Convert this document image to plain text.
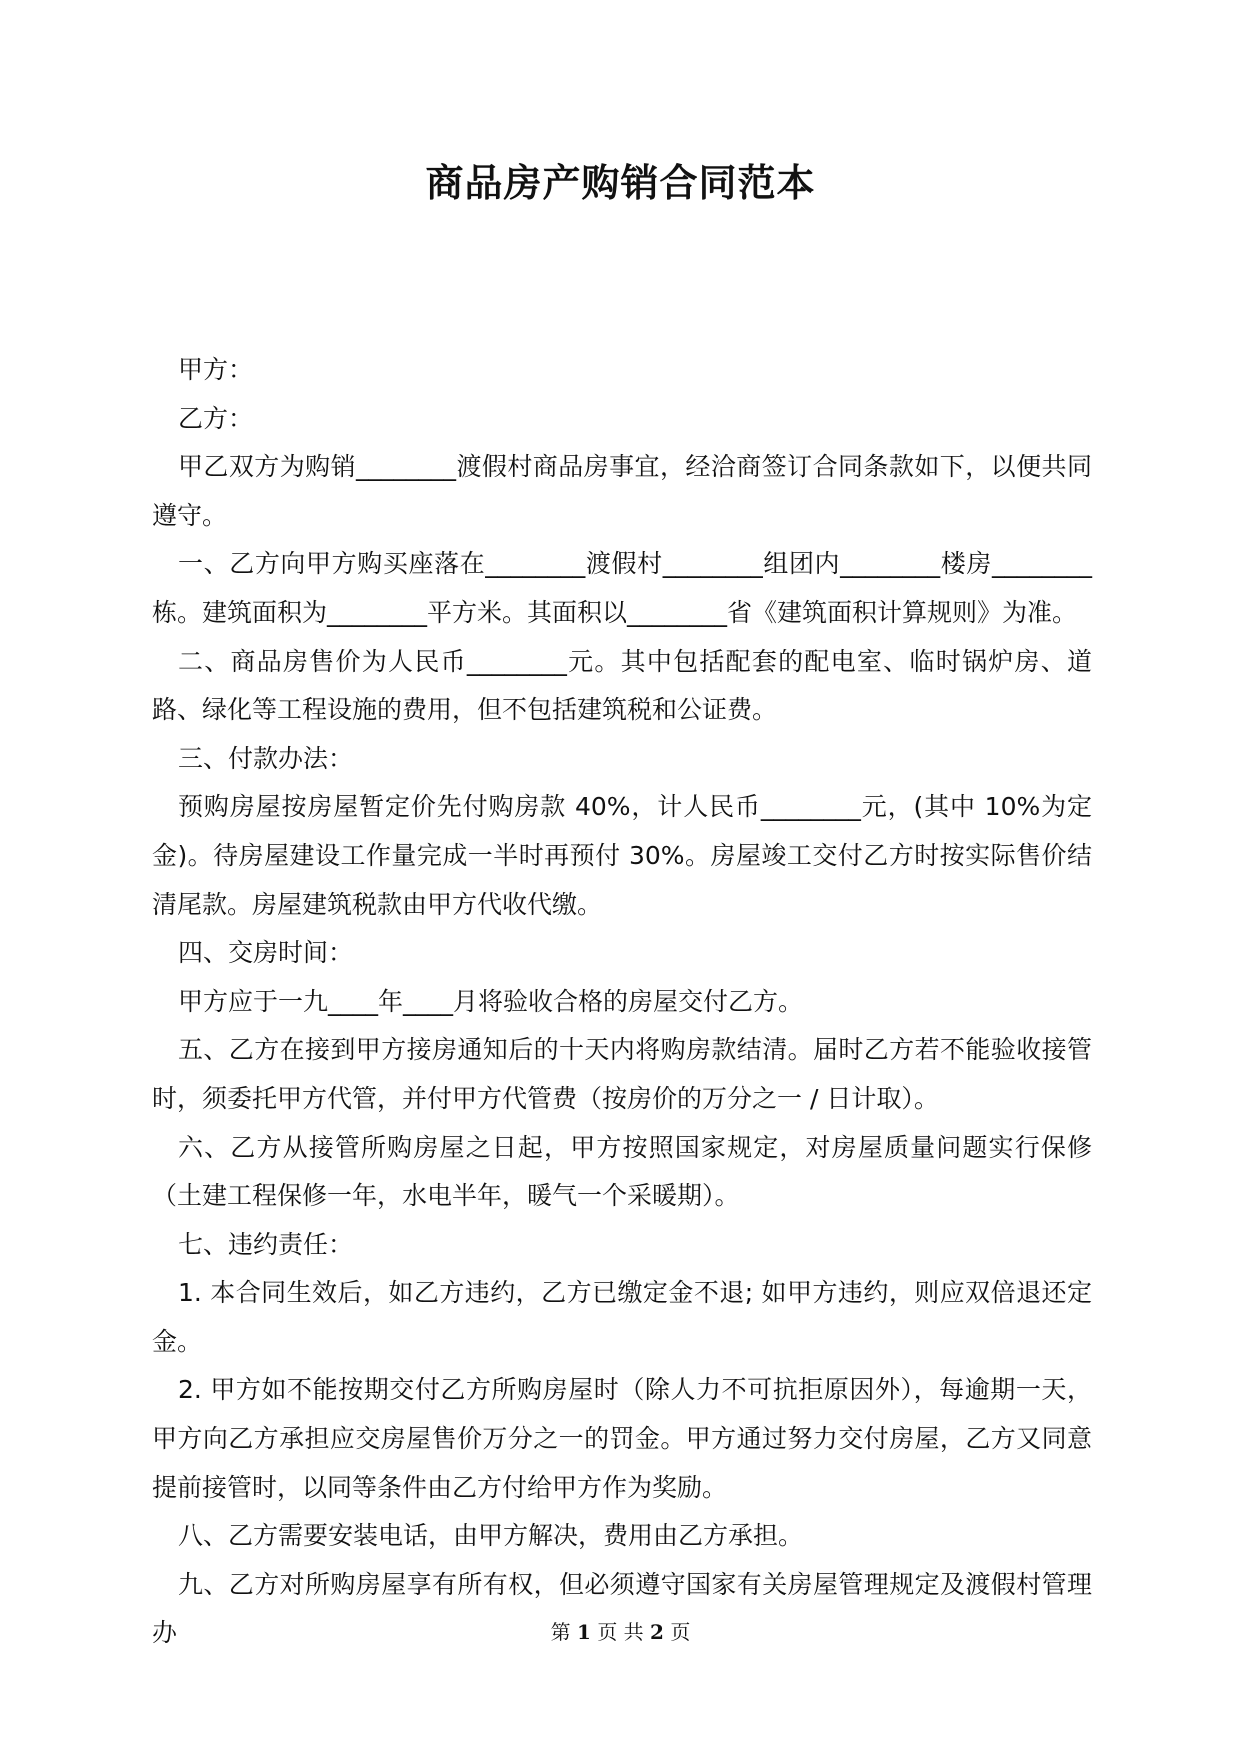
商品房产购销合同范本

甲方：

乙方：

甲乙双方为购销________渡假村商品房事宜，经洽商签订合同条款如下，以便共同遵守。

一、乙方向甲方购买座落在________渡假村________组团内________楼房________栋。建筑面积为________平方米。其面积以________省《建筑面积计算规则》为准。

二、商品房售价为人民币________元。其中包括配套的配电室、临时锅炉房、道路、绿化等工程设施的费用，但不包括建筑税和公证费。

三、付款办法：

预购房屋按房屋暂定价先付购房款 40%，计人民币________元，(其中 10%为定金)。待房屋建设工作量完成一半时再预付 30%。房屋竣工交付乙方时按实际售价结清尾款。房屋建筑税款由甲方代收代缴。

四、交房时间：

甲方应于一九____年____月将验收合格的房屋交付乙方。

五、乙方在接到甲方接房通知后的十天内将购房款结清。届时乙方若不能验收接管时，须委托甲方代管，并付甲方代管费（按房价的万分之一 / 日计取）。

六、乙方从接管所购房屋之日起，甲方按照国家规定，对房屋质量问题实行保修（土建工程保修一年，水电半年，暖气一个采暖期）。

七、违约责任：

1. 本合同生效后，如乙方违约，乙方已缴定金不退; 如甲方违约，则应双倍退还定金。

2. 甲方如不能按期交付乙方所购房屋时（除人力不可抗拒原因外），每逾期一天，甲方向乙方承担应交房屋售价万分之一的罚金。甲方通过努力交付房屋，乙方又同意提前接管时，以同等条件由乙方付给甲方作为奖励。

八、乙方需要安装电话，由甲方解决，费用由乙方承担。

九、乙方对所购房屋享有所有权，但必须遵守国家有关房屋管理规定及渡假村管理办	第 1 页 共 2 页
